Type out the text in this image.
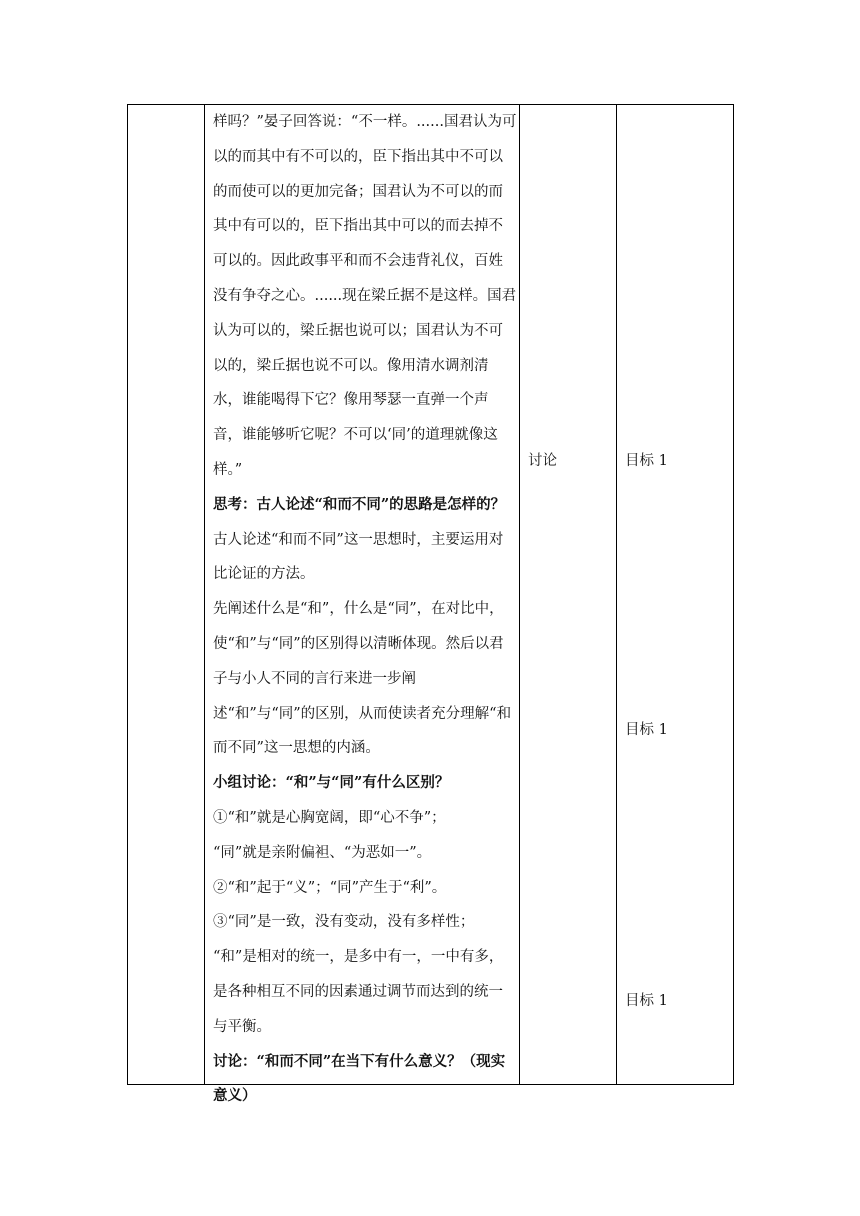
样吗？”晏子回答说：“不一样。......国君认为可以的而其中有不可以的，臣下指出其中不可以的而使可以的更加完备；国君认为不可以的而其中有可以的，臣下指出其中可以的而去掉不可以的。因此政事平和而不会违背礼仪，百姓没有争夺之心。......现在梁丘据不是这样。国君认为可以的，梁丘据也说可以；国君认为不可以的，梁丘据也说不可以。像用清水调剂清水，谁能喝得下它？像用琴瑟一直弹一个声音，谁能够听它呢？不可以‘同’的道理就像这样。”

思考：古人论述“和而不同”的思路是怎样的？

古人论述“和而不同”这一思想时，主要运用对比论证的方法。

先阐述什么是“和”，什么是“同”，在对比中，使“和”与“同”的区别得以清晰体现。然后以君子与小人不同的言行来进一步阐述“和”与“同”的区别，从而使读者充分理解“和而不同”这一思想的内涵。

小组讨论：“和”与“同”有什么区别？

①“和”就是心胸宽阔，即“心不争”；

“同”就是亲附偏袒、“为恶如一”。

②“和”起于“义”；“同”产生于“利”。

③“同”是一致，没有变动，没有多样性；

“和”是相对的统一，是多中有一，一中有多，是各种相互不同的因素通过调节而达到的统一与平衡。

讨论：“和而不同”在当下有什么意义？（现实意义）

讨论	目标 1
目标 1
目标 1
